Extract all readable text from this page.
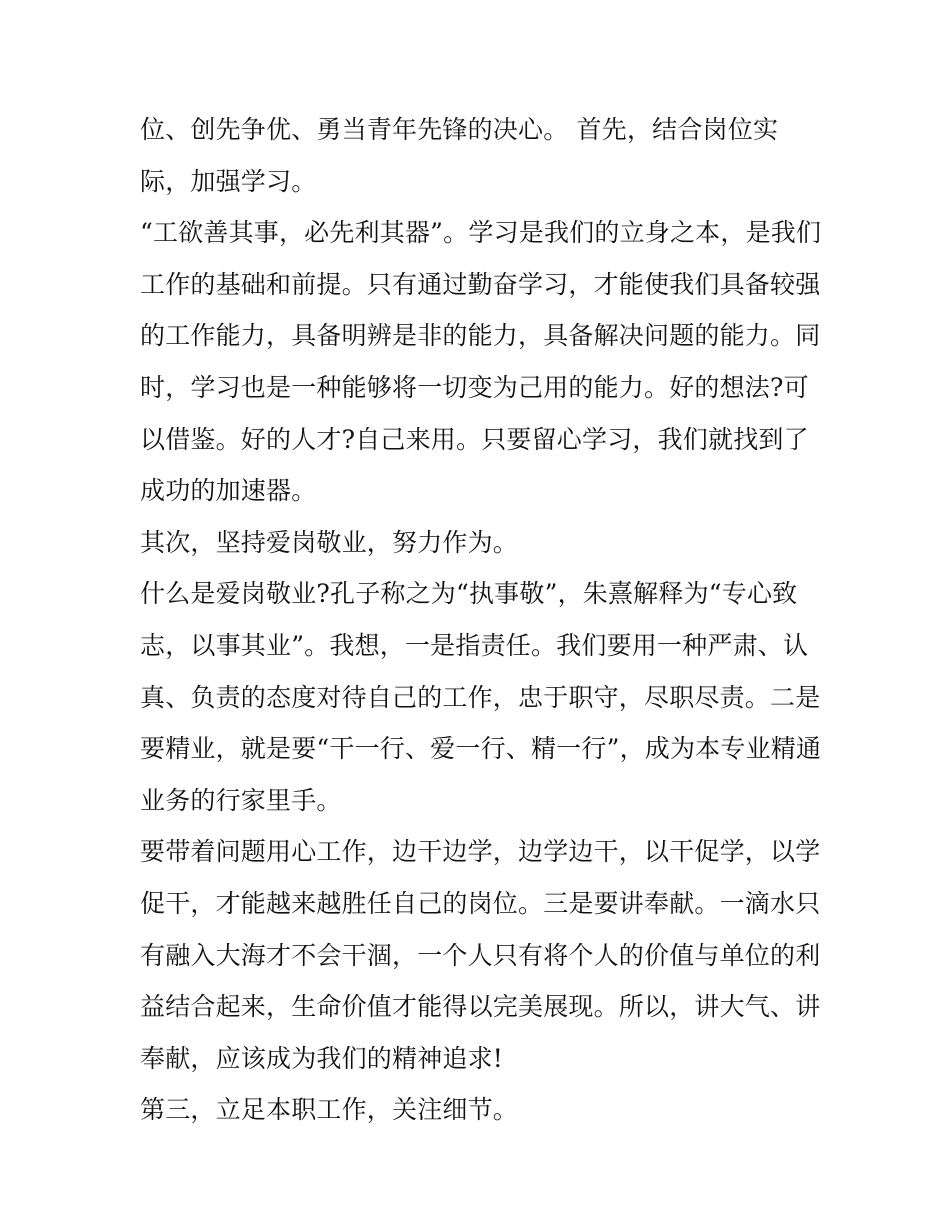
位、创先争优、勇当青年先锋的决心。 首先，结合岗位实
际，加强学习。
“工欲善其事，必先利其器”。学习是我们的立身之本，是我们
工作的基础和前提。只有通过勤奋学习，才能使我们具备较强
的工作能力，具备明辨是非的能力，具备解决问题的能力。同
时，学习也是一种能够将一切变为己用的能力。好的想法?可
以借鉴。好的人才?自己来用。只要留心学习，我们就找到了
成功的加速器。
其次，坚持爱岗敬业，努力作为。
什么是爱岗敬业?孔子称之为“执事敬”，朱熹解释为“专心致
志，以事其业”。我想，一是指责任。我们要用一种严肃、认
真、负责的态度对待自己的工作，忠于职守，尽职尽责。二是
要精业，就是要“干一行、爱一行、精一行”，成为本专业精通
业务的行家里手。
要带着问题用心工作，边干边学，边学边干，以干促学，以学
促干，才能越来越胜任自己的岗位。三是要讲奉献。一滴水只
有融入大海才不会干涸，一个人只有将个人的价值与单位的利
益结合起来，生命价值才能得以完美展现。所以，讲大气、讲
奉献，应该成为我们的精神追求!
第三，立足本职工作，关注细节。
